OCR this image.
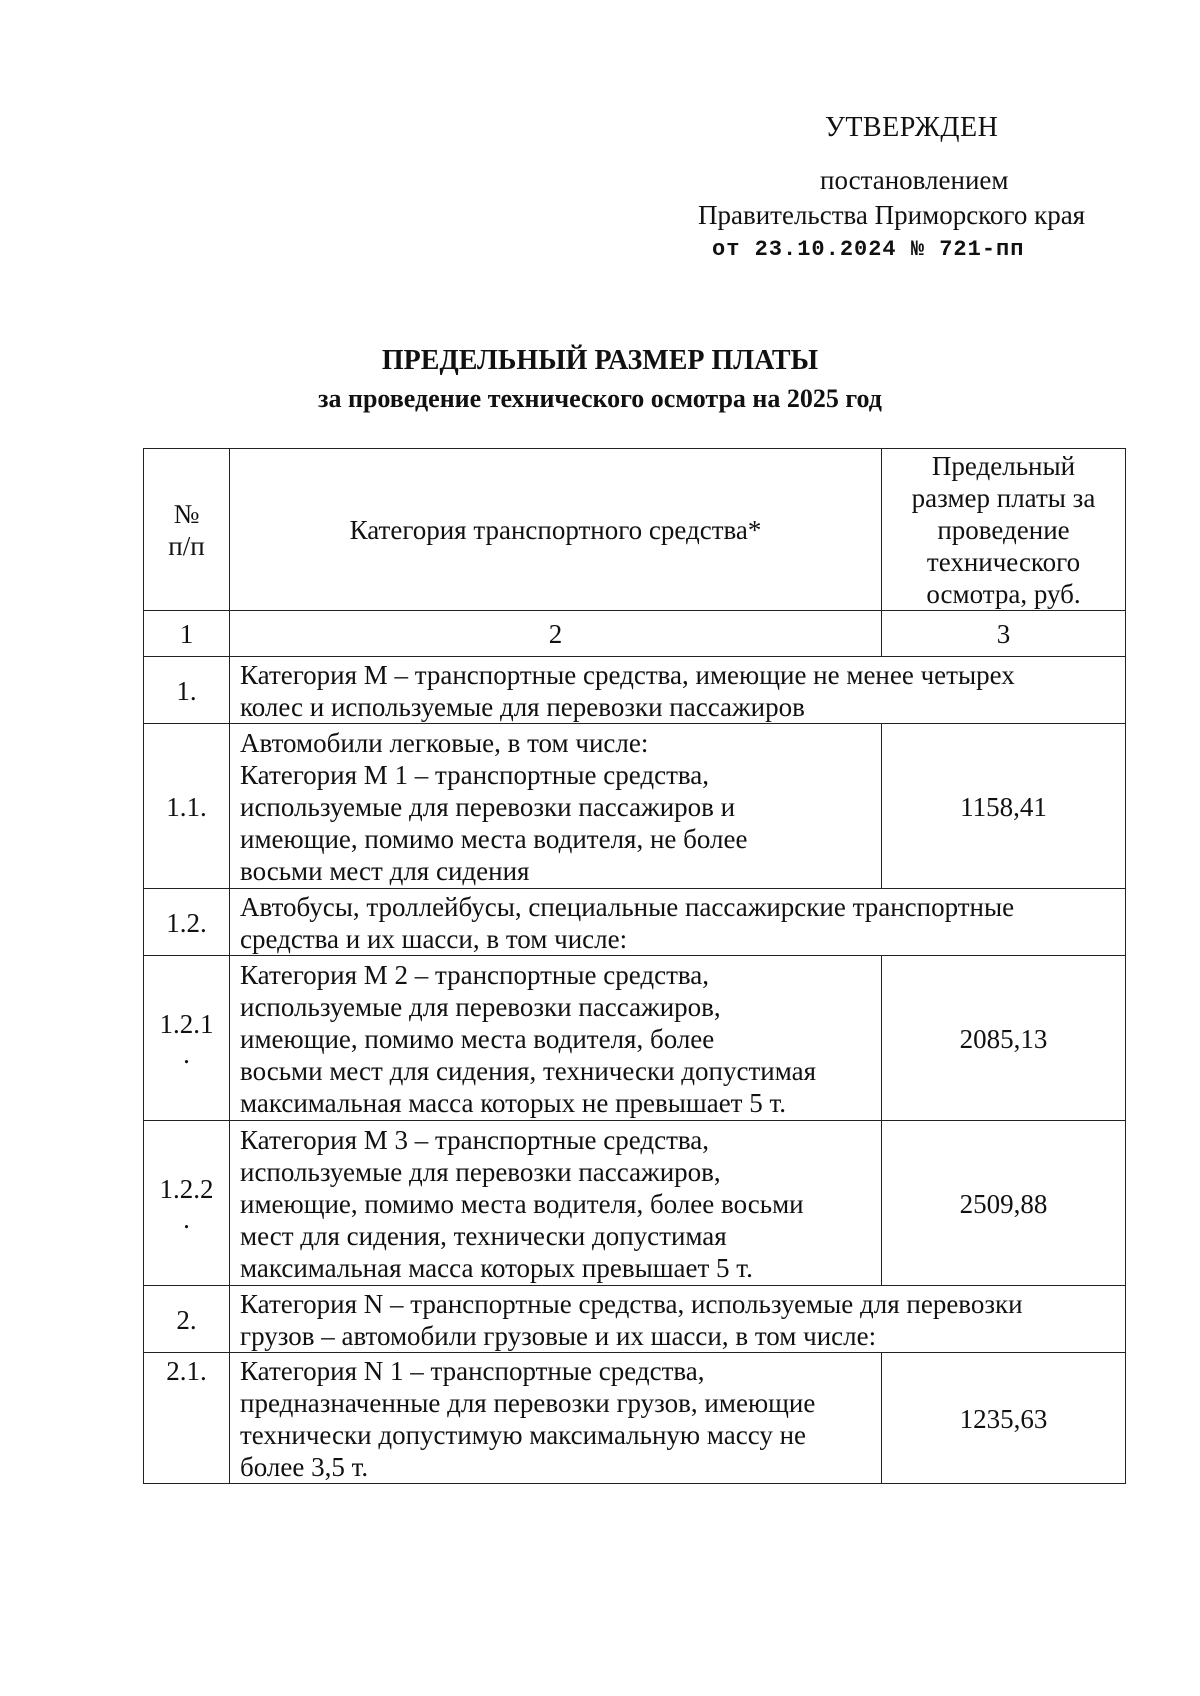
УТВЕРЖДЕН
постановлением
Правительства Приморского края
от 23.10.2024 № 721-пп
ПРЕДЕЛЬНЫЙ РАЗМЕР ПЛАТЫ
за проведение технического осмотра на 2025 год
№
п/п	Категория транспортного средства*	Предельный
размер платы за
проведение
технического
осмотра, руб.

1	2	3
1.	Категория М – транспортные средства, имеющие не менее четырех
колес и используемые для перевозки пассажиров	

1.1.	Автомобили легковые, в том числе:
Категория М 1 – транспортные средства,
используемые для перевозки пассажиров и
имеющие, помимо места водителя, не более
восьми мест для сидения	1158,41
1.2.	Автобусы, троллейбусы, специальные пассажирские транспортные
средства и их шасси, в том числе:	

1.2.1
.	Категория М 2 – транспортные средства,
используемые для перевозки пассажиров,
имеющие, помимо места водителя, более
восьми мест для сидения, технически допустимая
максимальная масса которых не превышает 5 т.	2085,13

1.2.2
.	Категория М 3 – транспортные средства,
используемые для перевозки пассажиров,
имеющие, помимо места водителя, более восьми
мест для сидения, технически допустимая
максимальная масса которых превышает 5 т.	2509,88
2.	Категория N – транспортные средства, используемые для перевозки
грузов – автомобили грузовые и их шасси, в том числе:	

2.1.	Категория N 1 – транспортные средства,
предназначенные для перевозки грузов, имеющие
технически допустимую максимальную массу не
более 3,5 т.	1235,63
